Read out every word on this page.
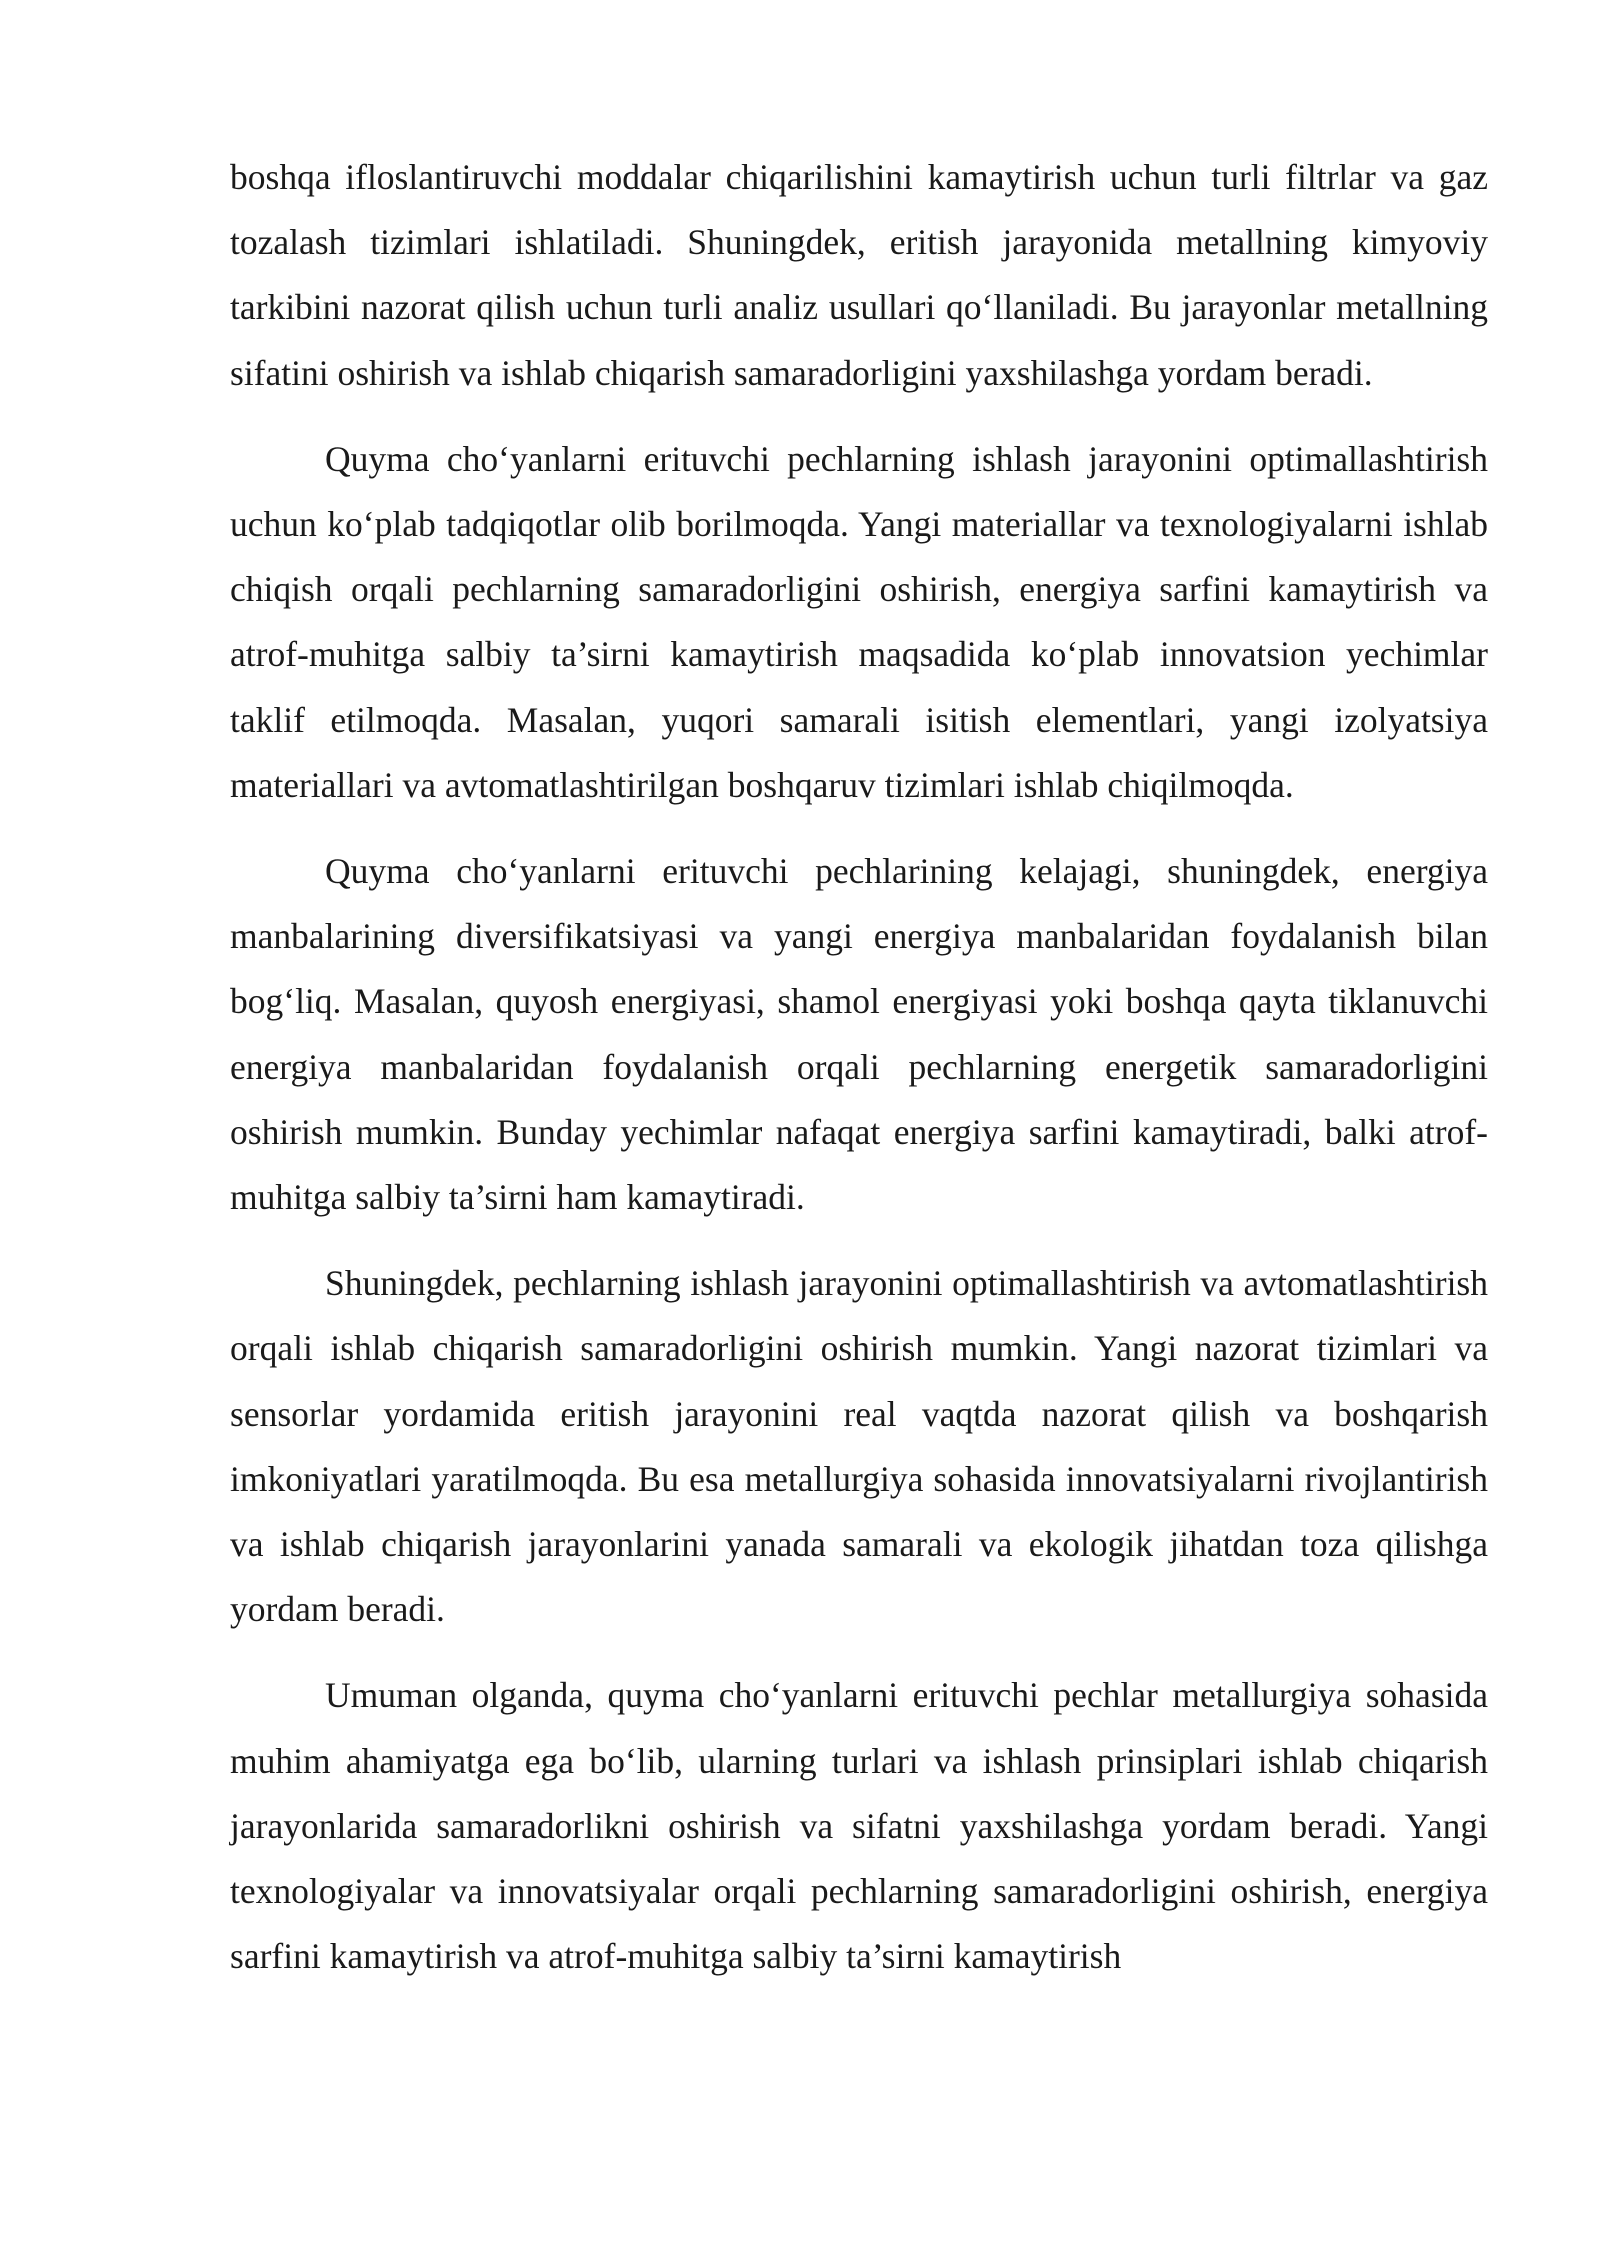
boshqa ifloslantiruvchi moddalar chiqarilishini kamaytirish uchun turli filtrlar va gaz tozalash tizimlari ishlatiladi. Shuningdek, eritish jarayonida metallning kimyoviy tarkibini nazorat qilish uchun turli analiz usullari qo‘llaniladi. Bu jarayonlar metallning sifatini oshirish va ishlab chiqarish samaradorligini yaxshilashga yordam beradi.

Quyma cho‘yanlarni erituvchi pechlarning ishlash jarayonini optimallashtirish uchun ko‘plab tadqiqotlar olib borilmoqda. Yangi materiallar va texnologiyalarni ishlab chiqish orqali pechlarning samaradorligini oshirish, energiya sarfini kamaytirish va atrof-muhitga salbiy ta’sirni kamaytirish maqsadida ko‘plab innovatsion yechimlar taklif etilmoqda. Masalan, yuqori samarali isitish elementlari, yangi izolyatsiya materiallari va avtomatlashtirilgan boshqaruv tizimlari ishlab chiqilmoqda.

Quyma cho‘yanlarni erituvchi pechlarining kelajagi, shuningdek, energiya manbalarining diversifikatsiyasi va yangi energiya manbalaridan foydalanish bilan bog‘liq. Masalan, quyosh energiyasi, shamol energiyasi yoki boshqa qayta tiklanuvchi energiya manbalaridan foydalanish orqali pechlarning energetik samaradorligini oshirish mumkin. Bunday yechimlar nafaqat energiya sarfini kamaytiradi, balki atrof-muhitga salbiy ta’sirni ham kamaytiradi.

Shuningdek, pechlarning ishlash jarayonini optimallashtirish va avtomatlashtirish orqali ishlab chiqarish samaradorligini oshirish mumkin. Yangi nazorat tizimlari va sensorlar yordamida eritish jarayonini real vaqtda nazorat qilish va boshqarish imkoniyatlari yaratilmoqda. Bu esa metallurgiya sohasida innovatsiyalarni rivojlantirish va ishlab chiqarish jarayonlarini yanada samarali va ekologik jihatdan toza qilishga yordam beradi.

Umuman olganda, quyma cho‘yanlarni erituvchi pechlar metallurgiya sohasida muhim ahamiyatga ega bo‘lib, ularning turlari va ishlash prinsiplari ishlab chiqarish jarayonlarida samaradorlikni oshirish va sifatni yaxshilashga yordam beradi. Yangi texnologiyalar va innovatsiyalar orqali pechlarning samaradorligini oshirish, energiya sarfini kamaytirish va atrof-muhitga salbiy ta’sirni kamaytirish
